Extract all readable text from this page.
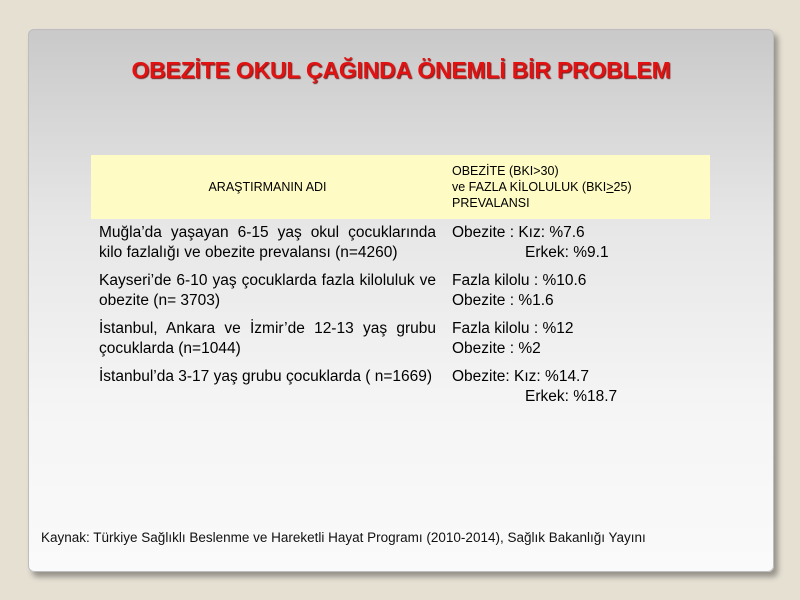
OBEZİTE OKUL ÇAĞINDA ÖNEMLİ BİR PROBLEM
ARAŞTIRMANIN ADI	OBEZİTE (BKI>30)
ve FAZLA KİLOLULUK (BKI≥25)
PREVALANSI

Muğla’da yaşayan 6-15 yaş okul çocuklarında kilo fazlalığı ve obezite prevalansı (n=4260)	Obezite : Kız: %7.6
Erkek: %9.1

Kayseri’de 6-10 yaş çocuklarda fazla kiloluluk ve obezite (n= 3703)	Fazla kilolu : %10.6
Obezite : %1.6

İstanbul, Ankara ve İzmir’de 12-13 yaş grubu çocuklarda (n=1044)	Fazla kilolu : %12
Obezite : %2

İstanbul’da 3-17 yaş grubu çocuklarda ( n=1669)	Obezite: Kız: %14.7
Erkek: %18.7
Kaynak: Türkiye Sağlıklı Beslenme ve Hareketli Hayat Programı (2010-2014), Sağlık Bakanlığı Yayını
